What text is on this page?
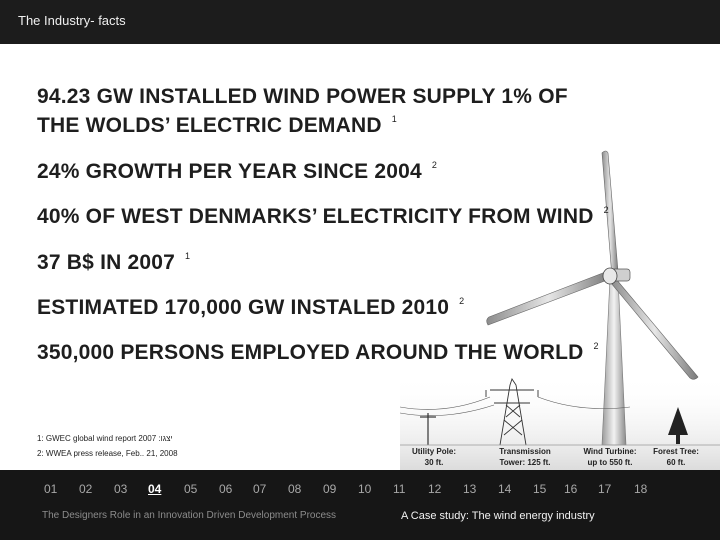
The Industry- facts
Utility Pole:
30 ft.
Transmission
Tower: 125 ft.
Wind Turbine:
up to 550 ft.
Forest Tree:
60 ft.
94.23 GW INSTALLED WIND POWER SUPPLY 1% OF
THE WOLDS’ ELECTRIC DEMAND $^1$
24% GROWTH PER YEAR SINCE 2004 $^2$
40% OF WEST DENMARKS’ ELECTRICITY FROM WIND $^2$
37 B$ IN 2007 $^1$
ESTIMATED 170,000 GW INSTALED 2010 $^2$
350,000 PERSONS EMPLOYED AROUND THE WORLD $^2$
1: GWEC global wind report 2007 :יצגו
2: WWEA press release, Feb.. 21, 2008
01 02 03 04 05 06 07 08 09 10 11 12 13 14 15 16 17 18
The Designers Role in an Innovation Driven Development Process	A Case study: The wind energy industry
